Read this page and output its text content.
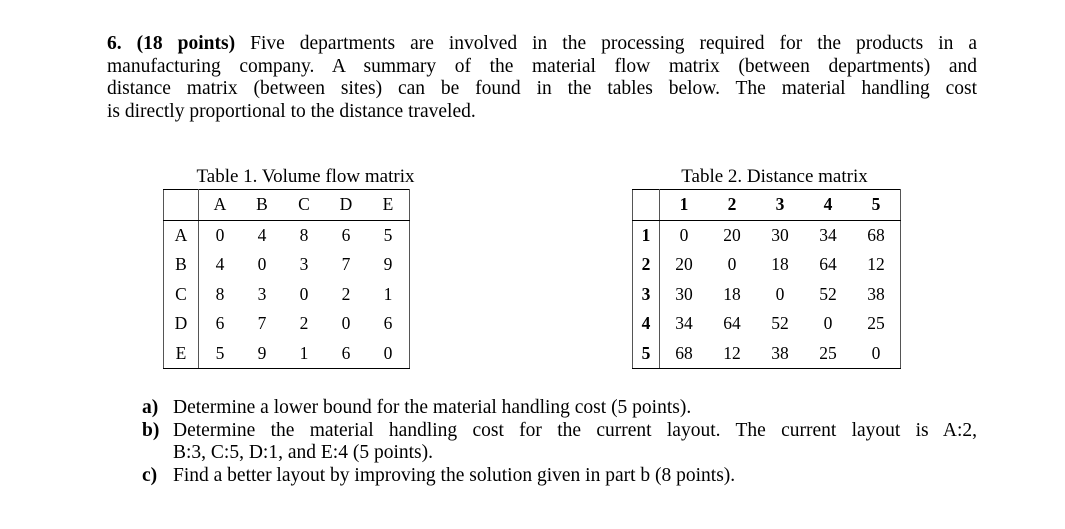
6. (18 points) Five departments are involved in the processing required for the products in a
manufacturing company. A summary of the material flow matrix (between departments) and
distance matrix (between sites) can be found in the tables below. The material handling cost
is directly proportional to the distance traveled.

Table 1. Volume flow matrix
	A	B	C	D	E
A	0	4	8	6	5
B	4	0	3	7	9
C	8	3	0	2	1
D	6	7	2	0	6
E	5	9	1	6	0
Table 2. Distance matrix
	1	2	3	4	5
1	0	20	30	34	68
2	20	0	18	64	12
3	30	18	0	52	38
4	34	64	52	0	25
5	68	12	38	25	0
a) Determine a lower bound for the material handling cost (5 points).
b) Determine the material handling cost for the current layout. The current layout is A:2,
B:3, C:5, D:1, and E:4 (5 points).
c) Find a better layout by improving the solution given in part b (8 points).
